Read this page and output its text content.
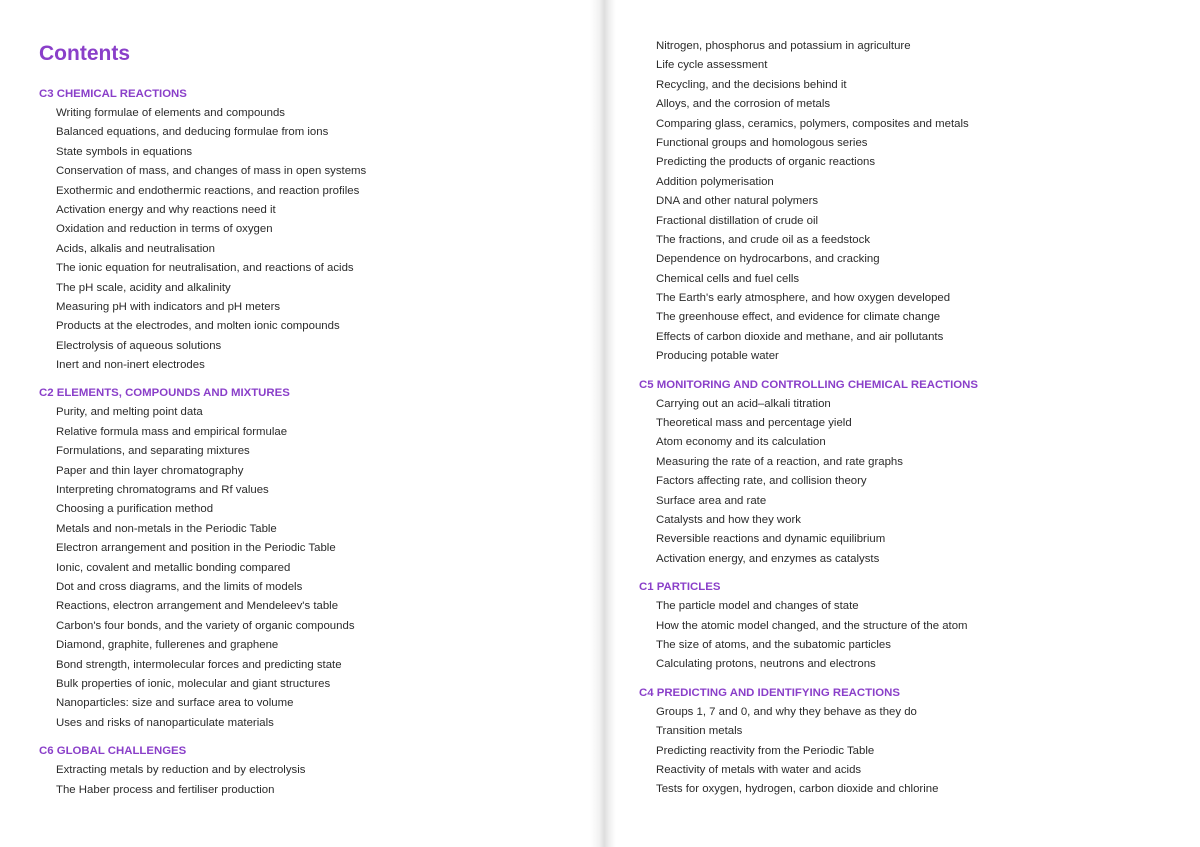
Contents
C3 CHEMICAL REACTIONS
Writing formulae of elements and compounds
Balanced equations, and deducing formulae from ions
State symbols in equations
Conservation of mass, and changes of mass in open systems
Exothermic and endothermic reactions, and reaction profiles
Activation energy and why reactions need it
Oxidation and reduction in terms of oxygen
Acids, alkalis and neutralisation
The ionic equation for neutralisation, and reactions of acids
The pH scale, acidity and alkalinity
Measuring pH with indicators and pH meters
Products at the electrodes, and molten ionic compounds
Electrolysis of aqueous solutions
Inert and non-inert electrodes
C2 ELEMENTS, COMPOUNDS AND MIXTURES
Purity, and melting point data
Relative formula mass and empirical formulae
Formulations, and separating mixtures
Paper and thin layer chromatography
Interpreting chromatograms and Rf values
Choosing a purification method
Metals and non-metals in the Periodic Table
Electron arrangement and position in the Periodic Table
Ionic, covalent and metallic bonding compared
Dot and cross diagrams, and the limits of models
Reactions, electron arrangement and Mendeleev's table
Carbon's four bonds, and the variety of organic compounds
Diamond, graphite, fullerenes and graphene
Bond strength, intermolecular forces and predicting state
Bulk properties of ionic, molecular and giant structures
Nanoparticles: size and surface area to volume
Uses and risks of nanoparticulate materials
C6 GLOBAL CHALLENGES
Extracting metals by reduction and by electrolysis
The Haber process and fertiliser production
Nitrogen, phosphorus and potassium in agriculture
Life cycle assessment
Recycling, and the decisions behind it
Alloys, and the corrosion of metals
Comparing glass, ceramics, polymers, composites and metals
Functional groups and homologous series
Predicting the products of organic reactions
Addition polymerisation
DNA and other natural polymers
Fractional distillation of crude oil
The fractions, and crude oil as a feedstock
Dependence on hydrocarbons, and cracking
Chemical cells and fuel cells
The Earth's early atmosphere, and how oxygen developed
The greenhouse effect, and evidence for climate change
Effects of carbon dioxide and methane, and air pollutants
Producing potable water
C5 MONITORING AND CONTROLLING CHEMICAL REACTIONS
Carrying out an acid–alkali titration
Theoretical mass and percentage yield
Atom economy and its calculation
Measuring the rate of a reaction, and rate graphs
Factors affecting rate, and collision theory
Surface area and rate
Catalysts and how they work
Reversible reactions and dynamic equilibrium
Activation energy, and enzymes as catalysts
C1 PARTICLES
The particle model and changes of state
How the atomic model changed, and the structure of the atom
The size of atoms, and the subatomic particles
Calculating protons, neutrons and electrons
C4 PREDICTING AND IDENTIFYING REACTIONS
Groups 1, 7 and 0, and why they behave as they do
Transition metals
Predicting reactivity from the Periodic Table
Reactivity of metals with water and acids
Tests for oxygen, hydrogen, carbon dioxide and chlorine
